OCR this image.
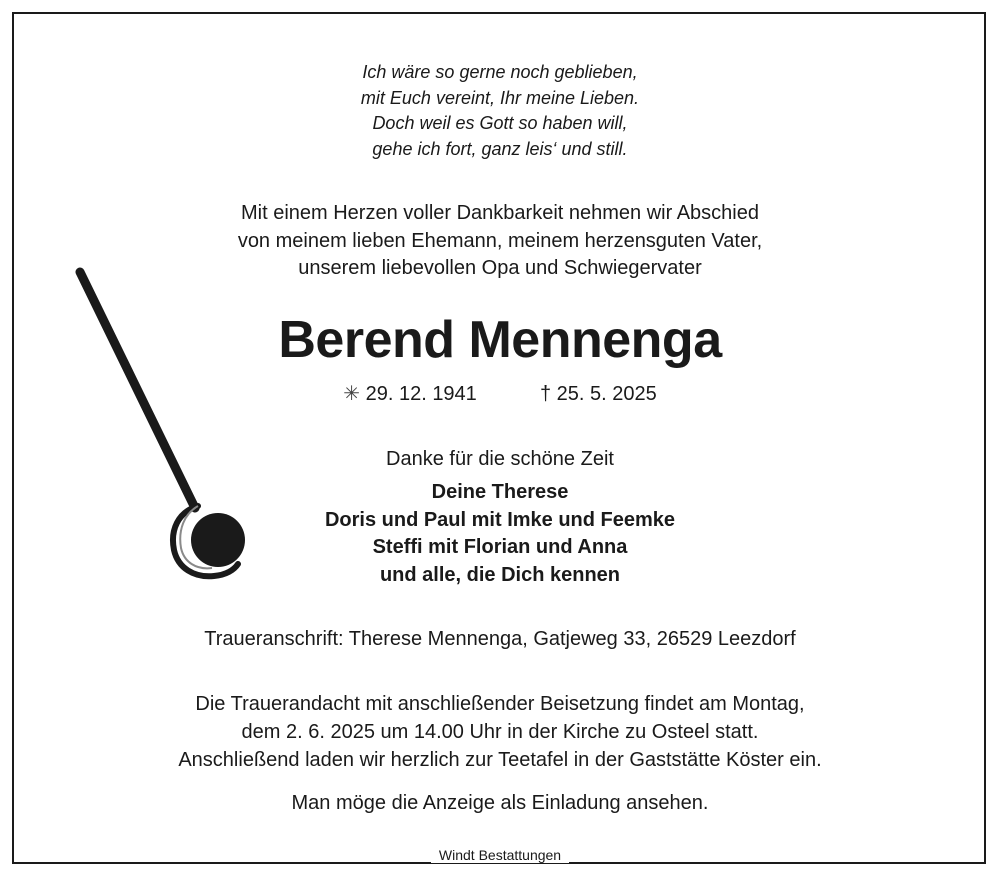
Ich wäre so gerne noch geblieben,
mit Euch vereint, Ihr meine Lieben.
Doch weil es Gott so haben will,
gehe ich fort, ganz leis‘ und still.
Mit einem Herzen voller Dankbarkeit nehmen wir Abschied
von meinem lieben Ehemann, meinem herzensguten Vater,
unserem liebevollen Opa und Schwiegervater
Berend Mennenga
✳ 29. 12. 1941	† 25. 5. 2025
Danke für die schöne Zeit
Deine Therese
Doris und Paul mit Imke und Feemke
Steffi mit Florian und Anna
und alle, die Dich kennen
Traueranschrift: Therese Mennenga, Gatjeweg 33, 26529 Leezdorf
Die Trauerandacht mit anschließender Beisetzung findet am Montag,
dem 2. 6. 2025 um 14.00 Uhr in der Kirche zu Osteel statt.
Anschließend laden wir herzlich zur Teetafel in der Gaststätte Köster ein.
Man möge die Anzeige als Einladung ansehen.
Windt Bestattungen
